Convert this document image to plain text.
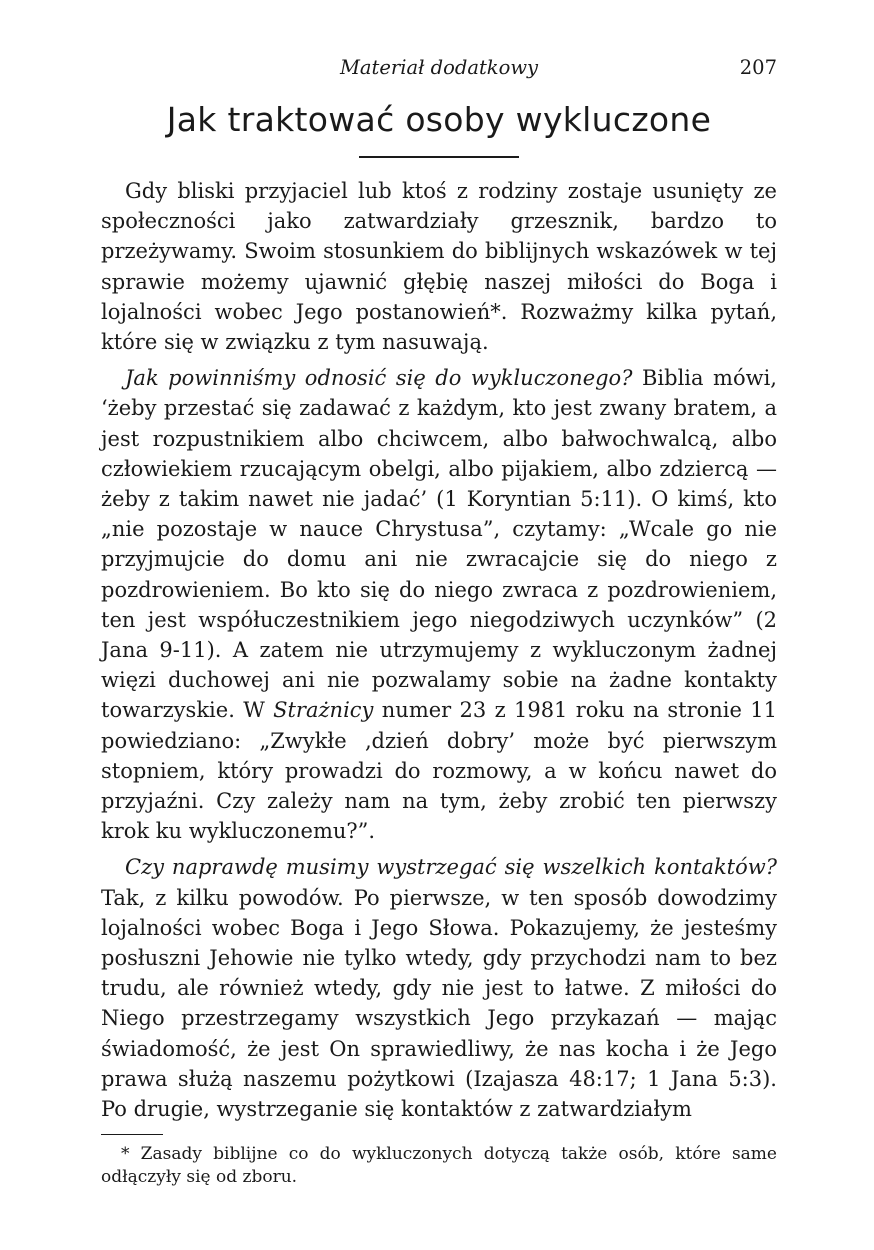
Materiał dodatkowy	207
Jak traktować osoby wykluczone

Gdy bliski przyjaciel lub ktoś z rodziny zostaje usunięty ze społeczności jako zatwardziały grzesznik, bardzo to przeżywamy. Swoim stosunkiem do biblijnych wskazówek w tej sprawie możemy ujawnić głębię naszej miłości do Boga i lojalności wobec Jego postanowień*. Rozważmy kilka pytań, które się w związku z tym nasuwają.

Jak powinniśmy odnosić się do wykluczonego? Biblia mówi, ‘żeby przestać się zadawać z każdym, kto jest zwany bratem, a jest rozpustnikiem albo chciwcem, albo bałwochwalcą, albo człowiekiem rzucającym obelgi, albo pijakiem, albo zdziercą — żeby z takim nawet nie jadać’ (1 Koryntian 5:11). O kimś, kto „nie pozostaje w nauce Chrystusa”, czytamy: „Wcale go nie przyjmujcie do domu ani nie zwracajcie się do niego z pozdrowieniem. Bo kto się do niego zwraca z pozdrowieniem, ten jest współuczestnikiem jego niegodziwych uczynków” (2 Jana 9-11). A zatem nie utrzymujemy z wykluczonym żadnej więzi duchowej ani nie pozwalamy sobie na żadne kontakty towarzyskie. W Strażnicy numer 23 z 1981 roku na stronie 11 powiedziano: „Zwykłe ‚dzień dobry’ może być pierwszym stopniem, który prowadzi do rozmowy, a w końcu nawet do przyjaźni. Czy zależy nam na tym, żeby zrobić ten pierwszy krok ku wykluczonemu?”.

Czy naprawdę musimy wystrzegać się wszelkich kontaktów? Tak, z kilku powodów. Po pierwsze, w ten sposób dowodzimy lojalności wobec Boga i Jego Słowa. Pokazujemy, że jesteśmy posłuszni Jehowie nie tylko wtedy, gdy przychodzi nam to bez trudu, ale również wtedy, gdy nie jest to łatwe. Z miłości do Niego przestrzegamy wszystkich Jego przykazań — mając świadomość, że jest On sprawiedliwy, że nas kocha i że Jego prawa służą naszemu pożytkowi (Izajasza 48:17; 1 Jana 5:3). Po drugie, wystrzeganie się kontaktów z zatwardziałym

* Zasady biblijne co do wykluczonych dotyczą także osób, które same odłączyły się od zboru.
